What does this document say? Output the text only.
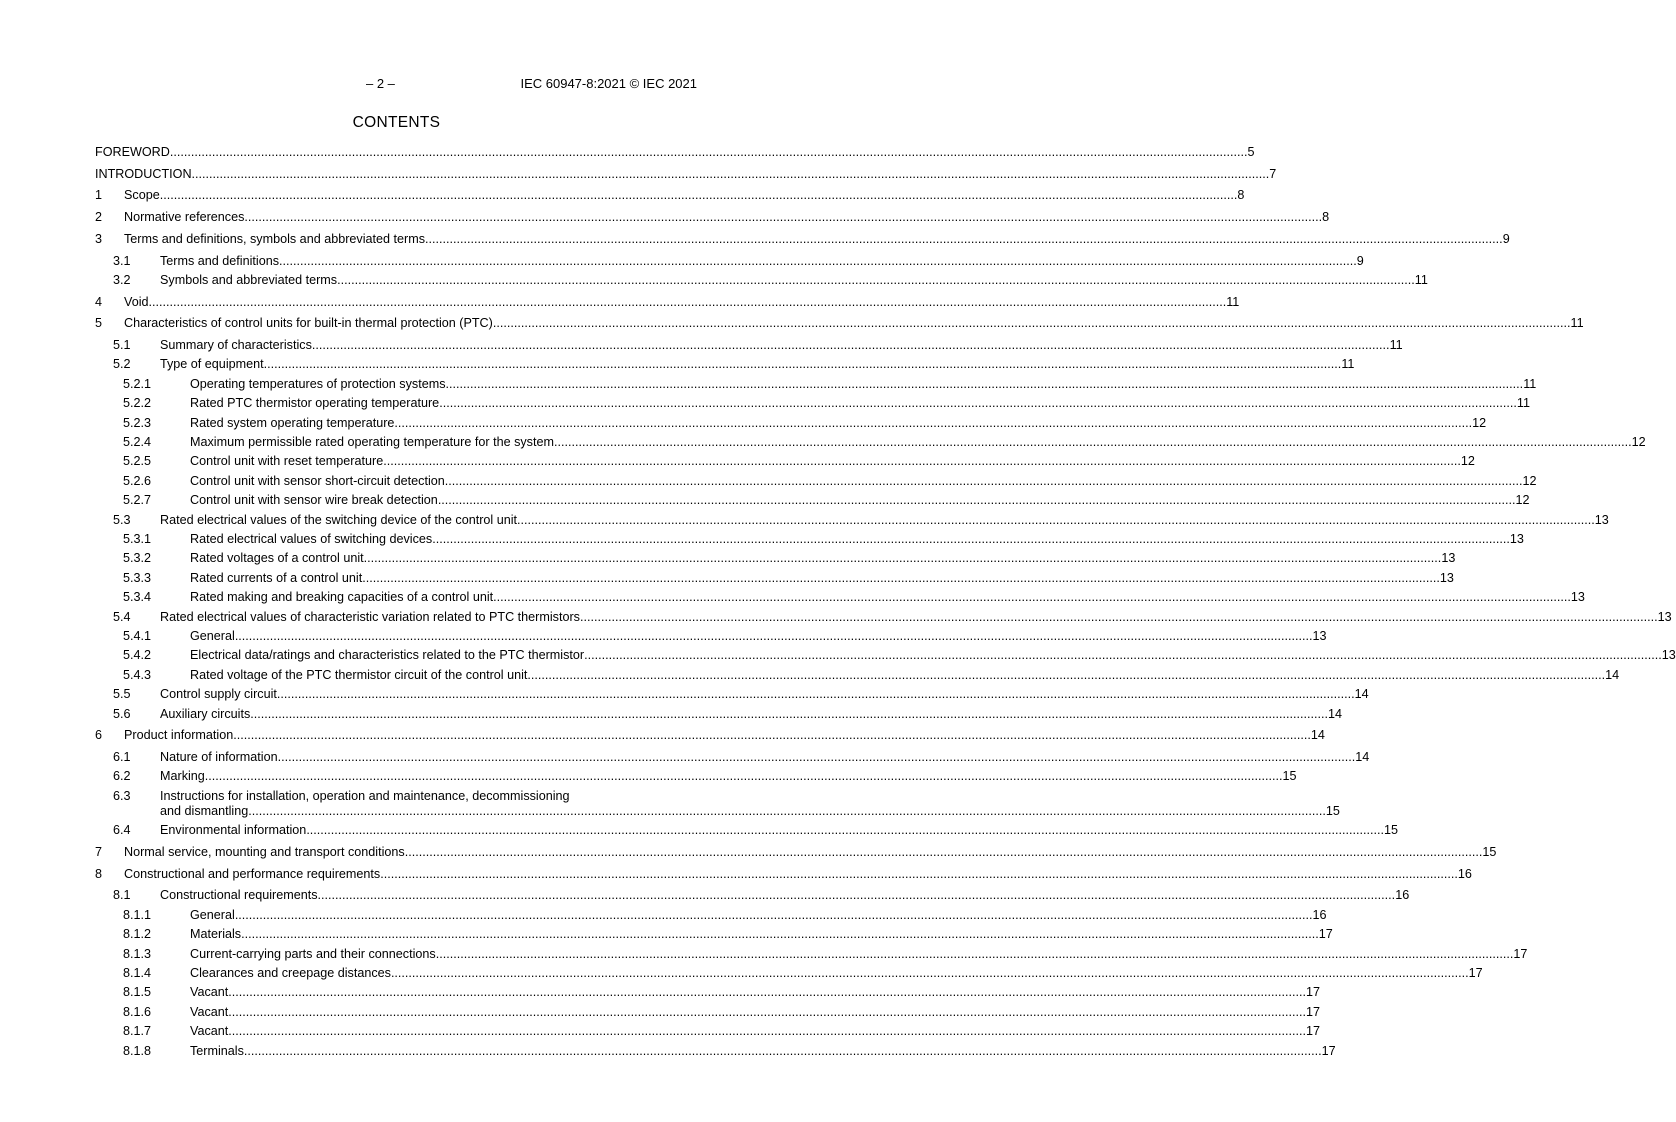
– 2 –	IEC 60947-8:2021 © IEC 2021
CONTENTS
FOREWORD .....	5
INTRODUCTION .....	7
1 Scope .....	8
2 Normative references .....	8
3 Terms and definitions, symbols and abbreviated terms .....	9
3.1 Terms and definitions .....	9
3.2 Symbols and abbreviated terms .....	11
4 Void .....	11
5 Characteristics of control units for built-in thermal protection (PTC) .....	11
5.1 Summary of characteristics .....	11
5.2 Type of equipment .....	11
5.2.1	Operating temperatures of protection systems .....	11
5.2.2	Rated PTC thermistor operating temperature .....	11
5.2.3	Rated system operating temperature .....	12
5.2.4	Maximum permissible rated operating temperature for the system .....	12
5.2.5	Control unit with reset temperature .....	12
5.2.6	Control unit with sensor short-circuit detection .....	12
5.2.7	Control unit with sensor wire break detection .....	12
5.3 Rated electrical values of the switching device of the control unit .....	13
5.3.1	Rated electrical values of switching devices .....	13
5.3.2	Rated voltages of a control unit .....	13
5.3.3	Rated currents of a control unit .....	13
5.3.4	Rated making and breaking capacities of a control unit .....	13
5.4 Rated electrical values of characteristic variation related to PTC thermistors .....	13
5.4.1	General .....	13
5.4.2	Electrical data/ratings and characteristics related to the PTC thermistor .....	13
5.4.3	Rated voltage of the PTC thermistor circuit of the control unit .....	14
5.5 Control supply circuit .....	14
5.6 Auxiliary circuits .....	14
6 Product information .....	14
6.1 Nature of information .....	14
6.2 Marking .....	15
6.3 Instructions for installation, operation and maintenance, decommissioning
and dismantling .....	15
6.4 Environmental information .....	15
7 Normal service, mounting and transport conditions .....	15
8 Constructional and performance requirements .....	16
8.1 Constructional requirements .....	16
8.1.1	General .....	16
8.1.2	Materials .....	17
8.1.3	Current-carrying parts and their connections .....	17
8.1.4	Clearances and creepage distances .....	17
8.1.5	Vacant .....	17
8.1.6	Vacant .....	17
8.1.7	Vacant .....	17
8.1.8	Terminals .....	17
